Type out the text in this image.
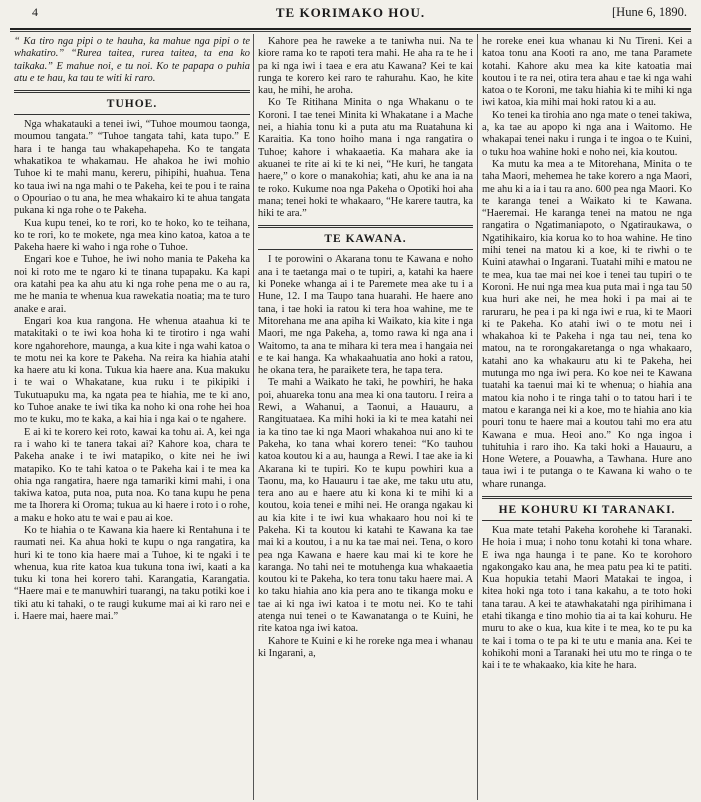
4	TE KORIMAKO HOU.	[Hune 6, 1890.

“ Ka tiro nga pipi o te hauha, ka mahue nga pipi o te whakatiro.” “Rurea taitea, rurea taitea, ta ena ko taikaka.” E mahue noi, e tu noi. Ko te papapa o puhia atu e te hau, ka tau te witi ki raro.

TUHOE.

Nga whakatauki a tenei iwi, “Tuhoe moumou taonga, moumou tangata.” “Tuhoe tangata tahi, kata tupo.” E hara i te hanga tau whakapehapeha. Ko te tangata whakatikoa te whakamau. He ahakoa he iwi mohio Tuhoe ki te mahi manu, kereru, pihipihi, huahua. Tena ko taua iwi na nga mahi o te Pakeha, kei te pou i te raina o Opouriao o tu ana, he mea whakairo ki te ahua tangata pukana ki nga rohe o te Pakeha.

Kua kupu tenei, ko te rori, ko te hoko, ko te teihana, ko te rori, ko te mokete, nga mea kino katoa, katoa a te Pakeha haere ki waho i nga rohe o Tuhoe.

Engari koe e Tuhoe, he iwi noho mania te Pakeha ka noi ki roto me te ngaro ki te tinana tupapaku. Ka kapi ora katahi pea ka ahu atu ki nga rohe pena me o au ra, me he mania te whenua kua rawekatia noatia; ma te turo anake e arai.

Engari koa kua rangona. He whenua ataahua ki te matakitaki o te iwi koa hoha ki te tirotiro i nga wahi kore ngahorehore, maunga, a kua kite i nga wahi katoa o te motu nei ka kore te Pakeha. Na reira ka hiahia atahi ka haere atu ki kona. Tukua kia haere ana. Kua makuku i te wai o Whakatane, kua ruku i te pikipiki i Tukutuapuku ma, ka ngata pea te hiahia, me te ki ano, ko Tuhoe anake te iwi tika ka noho ki ona rohe hei hoa mo te kuku, mo te kaka, a kai hia i nga kai o te ngahere.

E ai ki te korero kei roto, kawai ka tohu ai. A, kei nga ra i waho ki te tanera takai ai? Kahore koa, chara te Pakeha anake i te iwi matapiko, o kite nei he iwi matapiko. Ko te tahi katoa o te Pakeha kai i te mea ka ohia nga rangatira, haere nga tamariki kimi mahi, i ona takiwa katoa, puta noa, puta noa. Ko tana kupu he pena me ta Ihorera ki Oroma; tukua au ki haere i roto i o rohe, a maku e hoko atu te wai e pau ai koe.

Ko te hiahia o te Kawana kia haere ki Rentahuna i te raumati nei. Ka ahua hoki te kupu o nga rangatira, ka huri ki te tono kia haere mai a Tuhoe, ki te ngaki i te whenua, kua rite katoa kua tukuna tona iwi, kaati a ka tuku ki tona hei korero tahi. Karangatia, Karangatia. “Haere mai e te manuwhiri tuarangi, na taku potiki koe i tiki atu ki tahaki, o te raugi kukume mai ai ki raro nei e i. Haere mai, haere mai.”

Kahore pea he raweke a te taniwha nui. Na te kiore rama ko te rapoti tera mahi. He aha ra te he i pa ki nga iwi i taea e era atu Kawana? Kei te kai runga te korero kei raro te rahurahu. Kao, he kite kau, he mihi, he aroha.

Ko Te Ritihana Minita o nga Whakanu o te Koroni. I tae tenei Minita ki Whakatane i a Mache nei, a hiahia tonu ki a puta atu ma Ruatahuna ki Karaitia. Ka tono hoiho mana i nga rangatira o Tuhoe; kahore i whakaaetia. Ka mahara ake ia akuanei te rite ai ki te ki nei, “He kuri, he tangata haere,” o kore o manakohia; kati, ahu ke ana ia na te roko. Kukume noa nga Pakeha o Opotiki hoi aha mana; tenei hoki te whakaaro, “He karere tautra, ka hiki te ara.”

TE KAWANA.

I te porowini o Akarana tonu te Kawana e noho ana i te taetanga mai o te tupiri, a, katahi ka haere ki Poneke whanga ai i te Paremete mea ake tu i a Hune, 12. I ma Taupo tana huarahi. He haere ano tana, i tae hoki ia ratou ki tera hoa wahine, me te Mitorehana me ana apiha ki Waikato, kia kite i nga Maori, me nga Pakeha, a, tomo rawa ki nga ana i Waitomo, ta ana te mihara ki tera mea i hangaia nei e te kai hanga. Ka whakaahuatia ano hoki a ratou, he okana tera, he paraikete tera, he tapa tera.

Te mahi a Waikato he taki, he powhiri, he haka poi, ahuareka tonu ana mea ki ona tautoru. I reira a Rewi, a Wahanui, a Taonui, a Hauauru, a Rangituataea. Ka mihi hoki ia ki te mea katahi nei ia ka tino tae ki nga Maori whakahoa nui ano ki te Pakeha, ko tana whai korero tenei: “Ko tauhou katoa koutou ki a au, haunga a Rewi. I tae ake ia ki Akarana ki te tupiri. Ko te kupu powhiri kua a Taonu, ma, ko Hauauru i tae ake, me taku utu atu, tera ano au e haere atu ki kona ki te mihi ki a koutou, koia tenei e mihi nei. He oranga ngakau ki au kia kite i te iwi kua whakaaro hou noi ki te Pakeha. Ki ta koutou ki katahi te Kawana ka tae mai ki a koutou, i a nu ka tae mai nei. Tena, o koro pea nga Kawana e haere kau mai ki te kore he karanga. No tahi nei te motuhenga kua whakaaetia koutou ki te Pakeha, ko tera tonu taku haere mai. A ko taku hiahia ano kia pera ano te tikanga moku e tae ai ki nga iwi katoa i te motu nei. Ko te tahi atenga nui tenei o te Kawanatanga o te Kuini, he rite katoa nga iwi katoa.

Kahore te Kuini e ki he roreke nga mea i whanau ki Ingarani, a,

he roreke enei kua whanau ki Nu Tireni. Kei a katoa tonu ana Kooti ra ano, me tana Paramete kotahi. Kahore aku mea ka kite katoatia mai koutou i te ra nei, otira tera ahau e tae ki nga wahi katoa o te Koroni, me taku hiahia ki te mihi ki nga iwi katoa, kia mihi mai hoki ratou ki a au.

Ko tenei ka tirohia ano nga mate o tenei takiwa, a, ka tae au apopo ki nga ana i Waitomo. He whakapai tenei naku i runga i te ingoa o te Kuini, o tuku hoa wahine hoki e noho nei, kia koutou.

Ka mutu ka mea a te Mitorehana, Minita o te taha Maori, mehemea he take korero a nga Maori, me ahu ki a ia i tau ra ano. 600 pea nga Maori. Ko te karanga tenei a Waikato ki te Kawana. “Haeremai. He karanga tenei na matou ne nga rangatira o Ngatimaniapoto, o Ngatiraukawa, o Ngatihikairo, kia korua ko to hoa wahine. He tino mihi tenei na matou ki a koe, ki te riwhi o te Kuini atawhai o Ingarani. Tuatahi mihi e matou ne te mea, kua tae mai nei koe i tenei tau tupiri o te Koroni. He nui nga mea kua puta mai i nga tau 50 kua huri ake nei, he mea hoki i pa mai ai te raruraru, he pea i pa ki nga iwi e rua, ki te Maori ki te Pakeha. Ko atahi iwi o te motu nei i whakahoa ki te Pakeha i nga tau nei, tena ko matou, na te rorongakaretanga o nga whakaaro, katahi ano ka whakauru atu ki te Pakeha, hei mutunga mo nga iwi pera. Ko koe nei te Kawana tuatahi ka taenui mai ki te whenua; o hiahia ana matou kia noho i te ringa tahi o to tatou hari i te matou e karanga nei ki a koe, mo te hiahia ano kia pouri tonu te haere mai a koutou tahi mo era atu Kawana e mua. Heoi ano.” Ko nga ingoa i tuhituhia i raro iho. Ka taki hoki a Hauauru, a Hone Wetere, a Pouawha, a Tawhana. Hure ano taua iwi i te putanga o te Kawana ki waho o te whare runanga.

HE KOHURU KI TARANAKI.

Kua mate tetahi Pakeha korohehe ki Taranaki. He hoia i mua; i noho tonu kotahi ki tona whare. E iwa nga haunga i te pane. Ko te korohoro ngakongako kau ana, he mea patu pea ki te patiti. Kua hopukia tetahi Maori Matakai te ingoa, i kitea hoki nga toto i tana kakahu, a te toto hoki tana tarau. A kei te atawhakatahi nga pirihimana i etahi tikanga e tino mohio tia ai ta kai kohuru. He muru to ake o kua, kua kite i te mea, ko te pu ka te kai i toma o te pa ki te utu e mania ana. Kei te kohikohi moni a Taranaki hei utu mo te ringa o te kai i te te whakaako, kia kite he hara.
